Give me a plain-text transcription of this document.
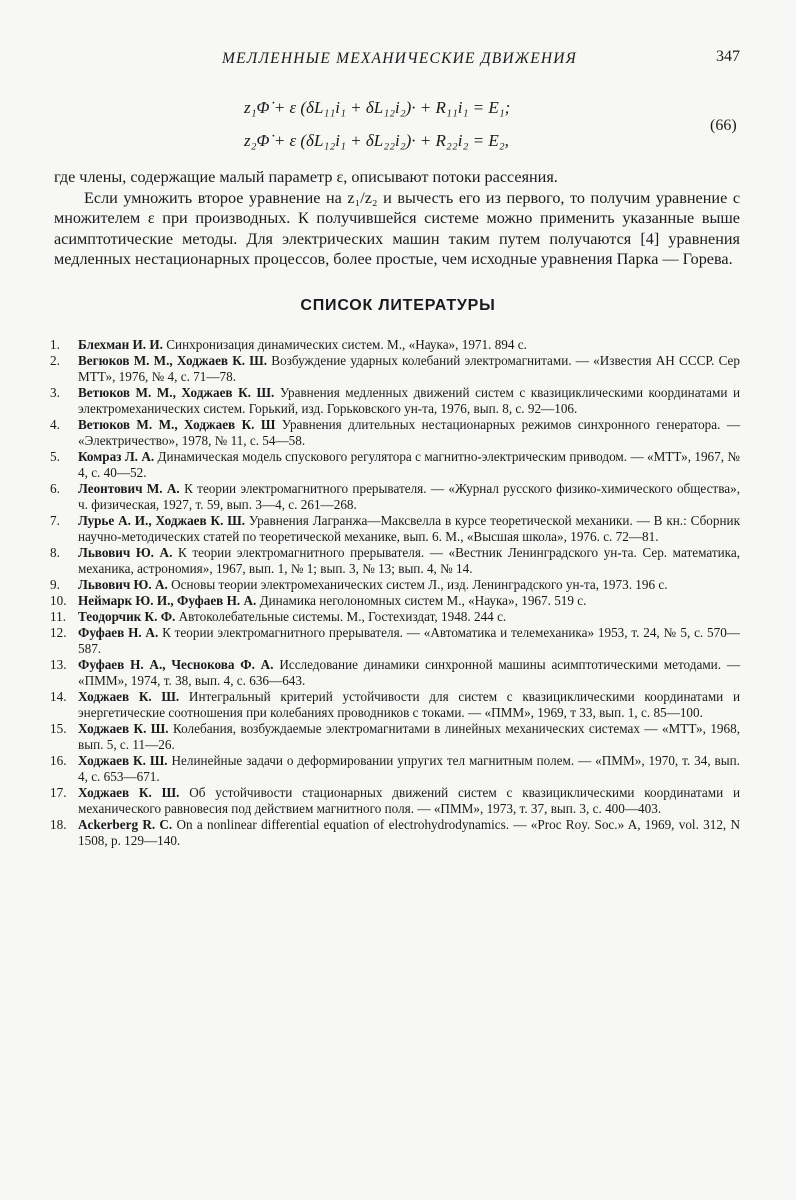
МЕЛЛЕННЫЕ МЕХАНИЧЕСКИЕ ДВИЖЕНИЯ	347
z₁Φ̇ + ε (δL₁₁i₁ + δL₁₂i₂)· + R₁₁i₁ = E₁;
z₂Φ̇ + ε (δL₁₂i₁ + δL₂₂i₂)· + R₂₂i₂ = E₂,
(66)

где члены, содержащие малый параметр ε, описывают потоки рассеяния.

Если умножить второе уравнение на z₁/z₂ и вычесть его из первого, то получим уравнение с множителем ε при производных. К получившейся системе можно применить указанные выше асимптотические методы. Для электрических машин таким путем получаются [4] уравнения медленных нестационарных процессов, более простые, чем исходные уравнения Парка — Горева.

СПИСОК ЛИТЕРАТУРЫ
1. Блехман И. И. Синхронизация динамических систем. М., «Наука», 1971. 894 с.
2. Вегюков М. М., Ходжаев К. Ш. Возбуждение ударных колебаний электромагнитами. — «Известия АН СССР. Сер МТТ», 1976, № 4, с. 71—78.
3. Ветюков М. М., Ходжаев К. Ш. Уравнения медленных движений систем с квазициклическими координатами и электромеханических систем. Горький, изд. Горьковского ун-та, 1976, вып. 8, с. 92—106.
4. Ветюков М. М., Ходжаев К. Ш Уравнения длительных нестационарных режимов синхронного генератора. — «Электричество», 1978, № 11, с. 54—58.
5. Комраз Л. А. Динамическая модель спускового регулятора с магнитно-электрическим приводом. — «МТТ», 1967, № 4, с. 40—52.
6. Леонтович М. А. К теории электромагнитного прерывателя. — «Журнал русского физико-химического общества», ч. физическая, 1927, т. 59, вып. 3—4, с. 261—268.
7. Лурье А. И., Ходжаев К. Ш. Уравнения Лагранжа—Максвелла в курсе теоретической механики. — В кн.: Сборник научно-методических статей по теоретической механике, вып. 6. М., «Высшая школа», 1976. с. 72—81.
8. Львович Ю. А. К теории электромагнитного прерывателя. — «Вестник Ленинградского ун-та. Сер. математика, механика, астрономия», 1967, вып. 1, № 1; вып. 3, № 13; вып. 4, № 14.
9. Львович Ю. А. Основы теории электромеханических систем Л., изд. Ленинградского ун-та, 1973. 196 с.
10. Неймарк Ю. И., Фуфаев Н. А. Динамика неголономных систем М., «Наука», 1967. 519 с.
11. Теодорчик К. Ф. Автоколебательные системы. М., Гостехиздат, 1948. 244 с.
12. Фуфаев Н. А. К теории электромагнитного прерывателя. — «Автоматика и телемеханика» 1953, т. 24, № 5, с. 570—587.
13. Фуфаев Н. А., Чеснокова Ф. А. Исследование динамики синхронной машины асимптотическими методами. — «ПММ», 1974, т. 38, вып. 4, с. 636—643.
14. Ходжаев К. Ш. Интегральный критерий устойчивости для систем с квазициклическими координатами и энергетические соотношения при колебаниях проводников с токами. — «ПММ», 1969, т 33, вып. 1, с. 85—100.
15. Ходжаев К. Ш. Колебания, возбуждаемые электромагнитами в линейных механических системах — «МТТ», 1968, вып. 5, с. 11—26.
16. Ходжаев К. Ш. Нелинейные задачи о деформировании упругих тел магнитным полем. — «ПММ», 1970, т. 34, вып. 4, с. 653—671.
17. Ходжаев К. Ш. Об устойчивости стационарных движений систем с квазициклическими координатами и механического равновесия под действием магнитного поля. — «ПММ», 1973, т. 37, вып. 3, с. 400—403.
18. Ackerberg R. C. On a nonlinear differential equation of electrohydrodynamics. — «Proc Roy. Soc.» A, 1969, vol. 312, N 1508, p. 129—140.
